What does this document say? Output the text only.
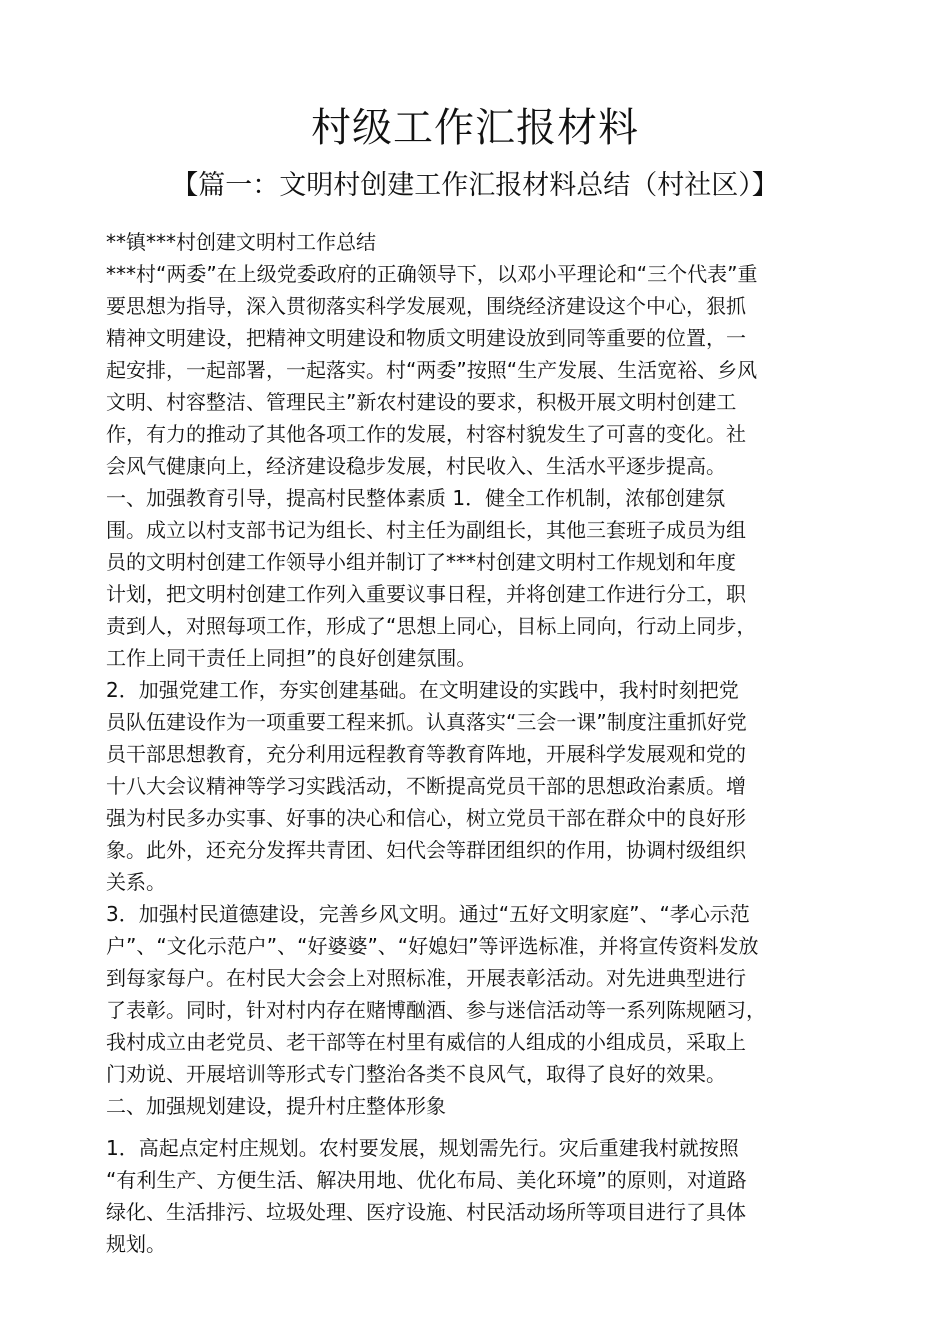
村级工作汇报材料
【篇一：文明村创建工作汇报材料总结（村社区）】
**镇***村创建文明村工作总结
***村“两委”在上级党委政府的正确领导下，以邓小平理论和“三个代表”重
要思想为指导，深入贯彻落实科学发展观，围绕经济建设这个中心，狠抓
精神文明建设，把精神文明建设和物质文明建设放到同等重要的位置，一
起安排，一起部署，一起落实。村“两委”按照“生产发展、生活宽裕、乡风
文明、村容整洁、管理民主”新农村建设的要求，积极开展文明村创建工
作，有力的推动了其他各项工作的发展，村容村貌发生了可喜的变化。社
会风气健康向上，经济建设稳步发展，村民收入、生活水平逐步提高。
一、加强教育引导，提高村民整体素质 1．健全工作机制，浓郁创建氛
围。成立以村支部书记为组长、村主任为副组长，其他三套班子成员为组
员的文明村创建工作领导小组并制订了***村创建文明村工作规划和年度
计划，把文明村创建工作列入重要议事日程，并将创建工作进行分工，职
责到人，对照每项工作，形成了“思想上同心，目标上同向，行动上同步，
工作上同干责任上同担”的良好创建氛围。
2．加强党建工作，夯实创建基础。在文明建设的实践中，我村时刻把党
员队伍建设作为一项重要工程来抓。认真落实“三会一课”制度注重抓好党
员干部思想教育，充分利用远程教育等教育阵地，开展科学发展观和党的
十八大会议精神等学习实践活动，不断提高党员干部的思想政治素质。增
强为村民多办实事、好事的决心和信心，树立党员干部在群众中的良好形
象。此外，还充分发挥共青团、妇代会等群团组织的作用，协调村级组织
关系。
3．加强村民道德建设，完善乡风文明。通过“五好文明家庭”、“孝心示范
户”、“文化示范户”、“好婆婆”、“好媳妇”等评选标准，并将宣传资料发放
到每家每户。在村民大会会上对照标准，开展表彰活动。对先进典型进行
了表彰。同时，针对村内存在赌博酗酒、参与迷信活动等一系列陈规陋习，
我村成立由老党员、老干部等在村里有威信的人组成的小组成员，采取上
门劝说、开展培训等形式专门整治各类不良风气，取得了良好的效果。
二、加强规划建设，提升村庄整体形象
1．高起点定村庄规划。农村要发展，规划需先行。灾后重建我村就按照
“有利生产、方便生活、解决用地、优化布局、美化环境”的原则，对道路
绿化、生活排污、垃圾处理、医疗设施、村民活动场所等项目进行了具体
规划。
